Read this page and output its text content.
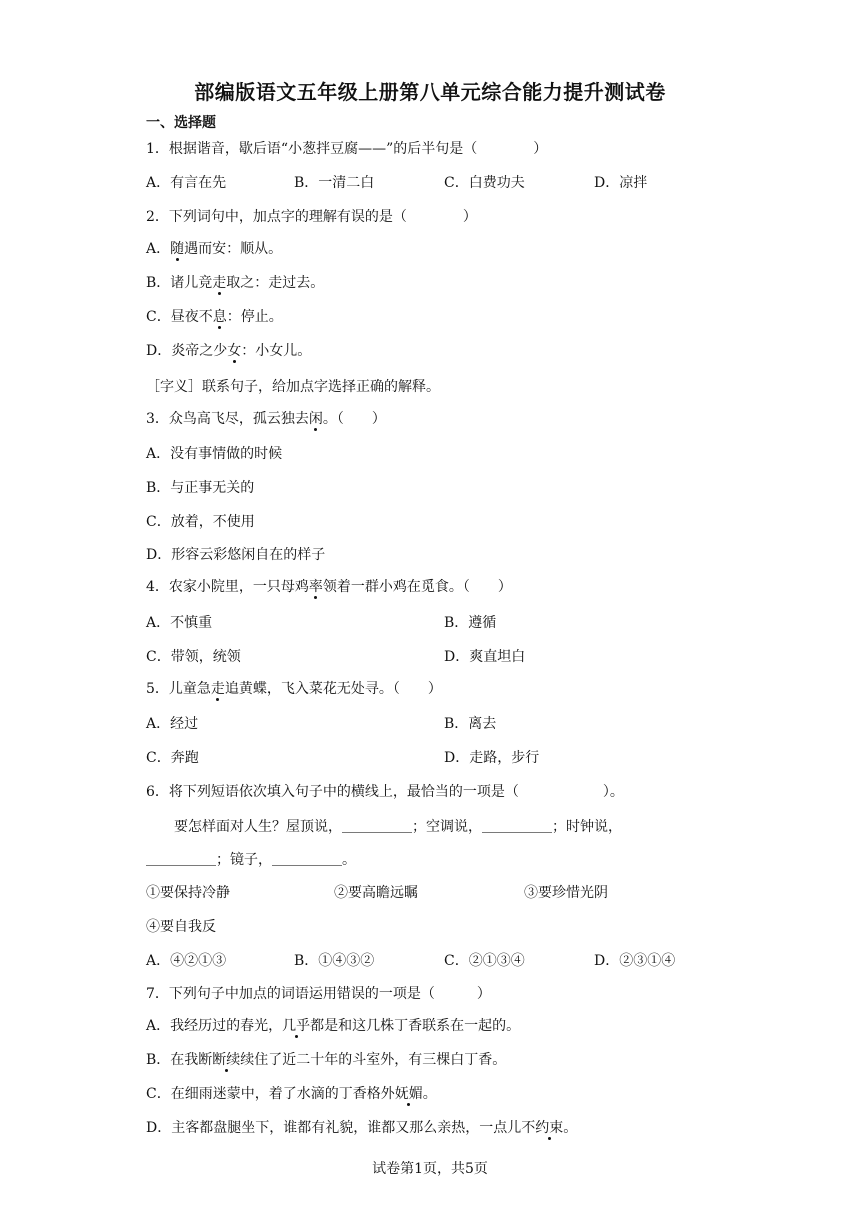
部编版语文五年级上册第八单元综合能力提升测试卷
一、选择题
1．根据谐音，歇后语“小葱拌豆腐——”的后半句是（　　　　）
A．有言在先	B．一清二白	C．白费功夫	D．凉拌
2．下列词句中，加点字的理解有误的是（　　　　）
A．随遇而安：顺从。
B．诸儿竞走取之：走过去。
C．昼夜不息：停止。
D．炎帝之少女：小女儿。
［字义］联系句子，给加点字选择正确的解释。
3．众鸟高飞尽，孤云独去闲。（　　）
A．没有事情做的时候
B．与正事无关的
C．放着，不使用
D．形容云彩悠闲自在的样子
4．农家小院里，一只母鸡率领着一群小鸡在觅食。（　　）
A．不慎重	B．遵循
C．带领，统领	D．爽直坦白
5．儿童急走追黄蝶，飞入菜花无处寻。（　　）
A．经过	B．离去
C．奔跑	D．走路，步行
6．将下列短语依次填入句子中的横线上，最恰当的一项是（　　　　　　）。
要怎样面对人生？屋顶说，＿＿＿＿＿；空调说，＿＿＿＿＿；时钟说，
＿＿＿＿＿；镜子，＿＿＿＿＿。
①要保持冷静	②要高瞻远瞩	③要珍惜光阴
④要自我反
A．④②①③	B．①④③②	C．②①③④	D．②③①④
7．下列句子中加点的词语运用错误的一项是（　　　）
A．我经历过的春光，几乎都是和这几株丁香联系在一起的。
B．在我断断续续住了近二十年的斗室外，有三棵白丁香。
C．在细雨迷蒙中，着了水滴的丁香格外妩媚。
D．主客都盘腿坐下，谁都有礼貌，谁都又那么亲热，一点儿不约束。
试卷第1页，共5页
